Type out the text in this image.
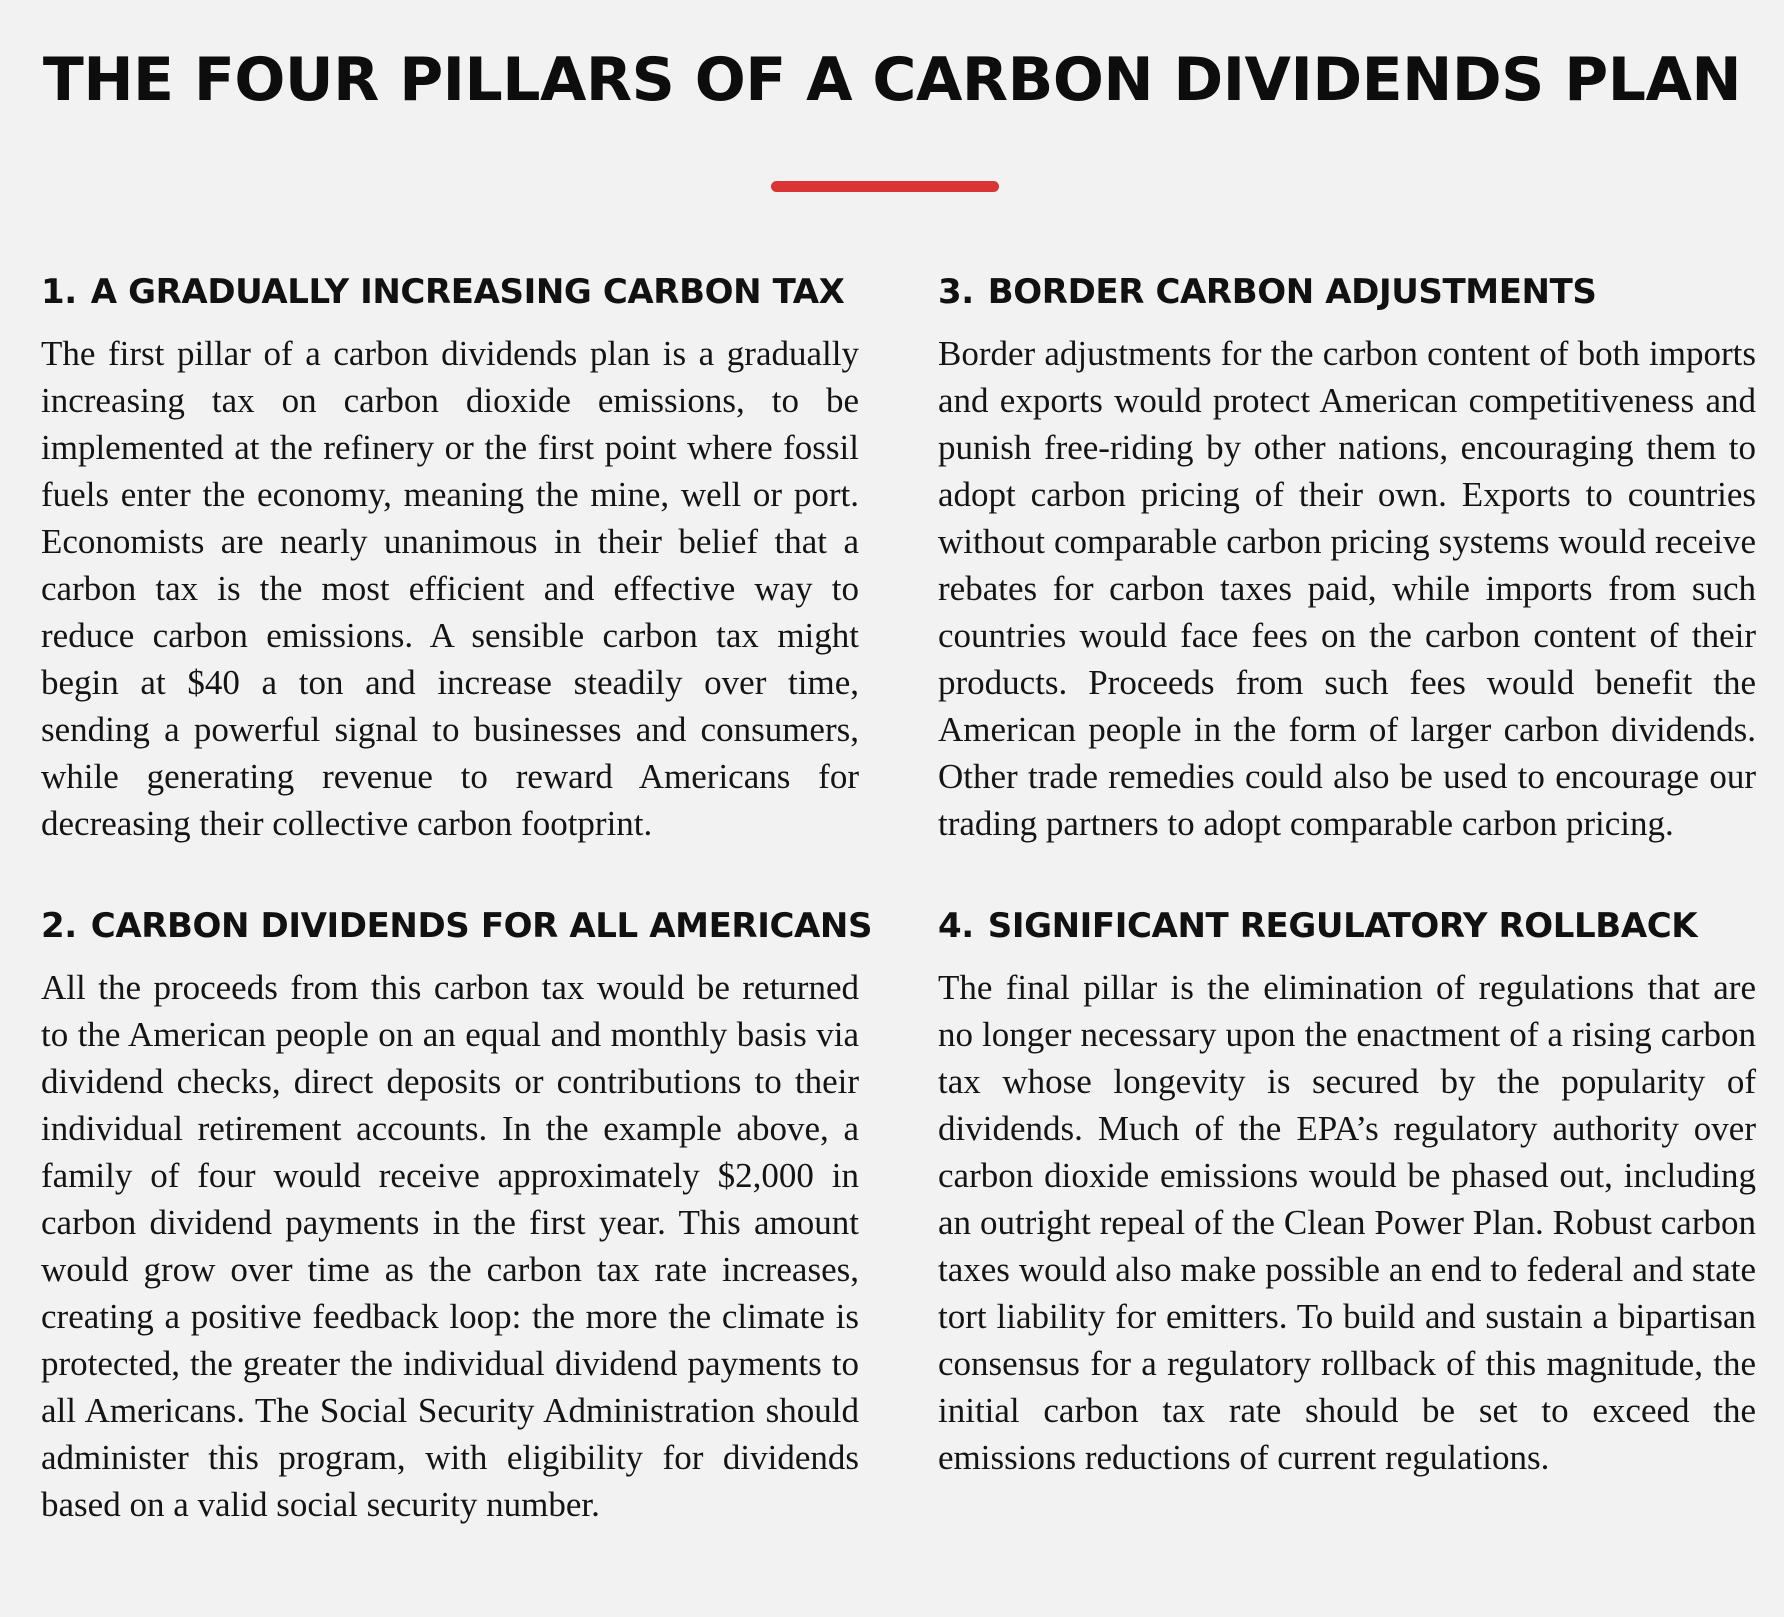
THE FOUR PILLARS OF A CARBON DIVIDENDS PLAN
1. A GRADUALLY INCREASING CARBON TAX

The first pillar of a carbon dividends plan is a gradually increasing tax on carbon dioxide emissions, to be implemented at the refinery or the first point where fossil fuels enter the economy, meaning the mine, well or port. Economists are nearly unanimous in their belief that a carbon tax is the most efficient and effective way to reduce carbon emissions. A sensible carbon tax might begin at $40 a ton and increase steadily over time, sending a powerful signal to businesses and consumers, while generating revenue to reward Americans for decreasing their collective carbon footprint.

2. CARBON DIVIDENDS FOR ALL AMERICANS

All the proceeds from this carbon tax would be returned to the American people on an equal and monthly basis via dividend checks, direct deposits or contributions to their individual retirement accounts. In the example above, a family of four would receive approximately $2,000 in carbon dividend payments in the first year. This amount would grow over time as the carbon tax rate increases, creating a positive feedback loop: the more the climate is protected, the greater the individual dividend payments to all Americans. The Social Security Administration should administer this program, with eligibility for dividends based on a valid social security number.

3. BORDER CARBON ADJUSTMENTS

Border adjustments for the carbon content of both imports and exports would protect American competitiveness and punish free-riding by other nations, encouraging them to adopt carbon pricing of their own. Exports to countries without comparable carbon pricing systems would receive rebates for carbon taxes paid, while imports from such countries would face fees on the carbon content of their products. Proceeds from such fees would benefit the American people in the form of larger carbon dividends. Other trade remedies could also be used to encourage our trading partners to adopt comparable carbon pricing.

4. SIGNIFICANT REGULATORY ROLLBACK

The final pillar is the elimination of regulations that are no longer necessary upon the enactment of a rising carbon tax whose longevity is secured by the popularity of dividends. Much of the EPA’s regulatory authority over carbon dioxide emissions would be phased out, including an outright repeal of the Clean Power Plan. Robust carbon taxes would also make possible an end to federal and state tort liability for emitters. To build and sustain a bipartisan consensus for a regulatory rollback of this magnitude, the initial carbon tax rate should be set to exceed the emissions reductions of current regulations.
